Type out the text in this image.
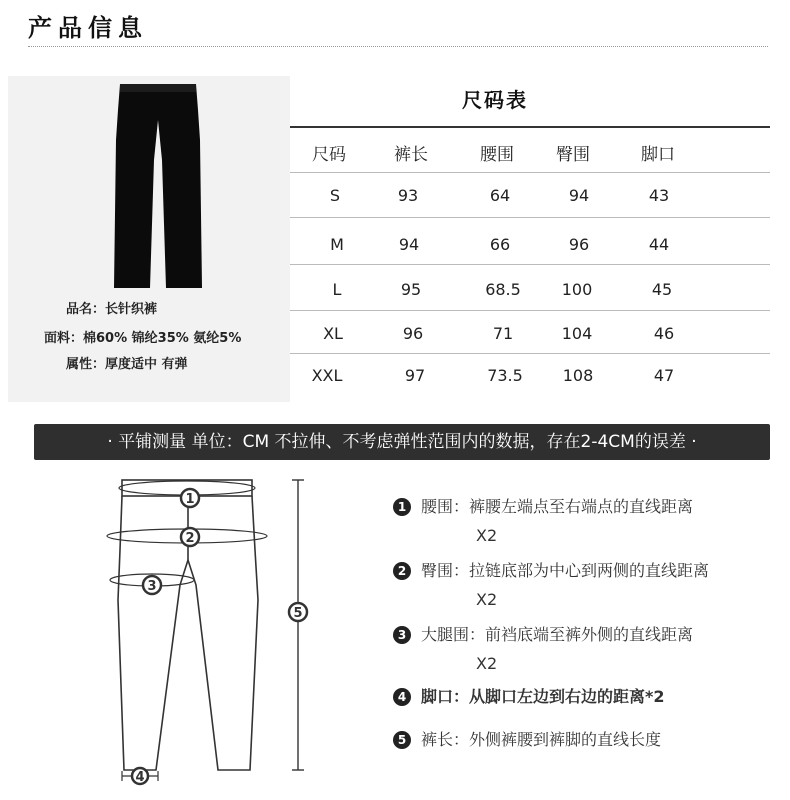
产品信息
品名：长针织裤
面料：棉60% 锦纶35% 氨纶5%
属性：厚度适中 有弹
尺码表
尺码	裤长	腰围 臀围	脚口
S	93	64	94	43
M	94	66	96	44
L	95	68.5	100	45
XL	96	71	104	46
XXL	97	73.5	108	47
· 平铺测量 单位：CM 不拉伸、不考虑弹性范围内的数据，存在2-4CM的误差 ·
1
2
3
4
5
1 腰围：裤腰左端点至右端点的直线距离
X2
2 臀围：拉链底部为中心到两侧的直线距离
X2
3 大腿围：前裆底端至裤外侧的直线距离
X2
4 脚口：从脚口左边到右边的距离*2
5 裤长：外侧裤腰到裤脚的直线长度
